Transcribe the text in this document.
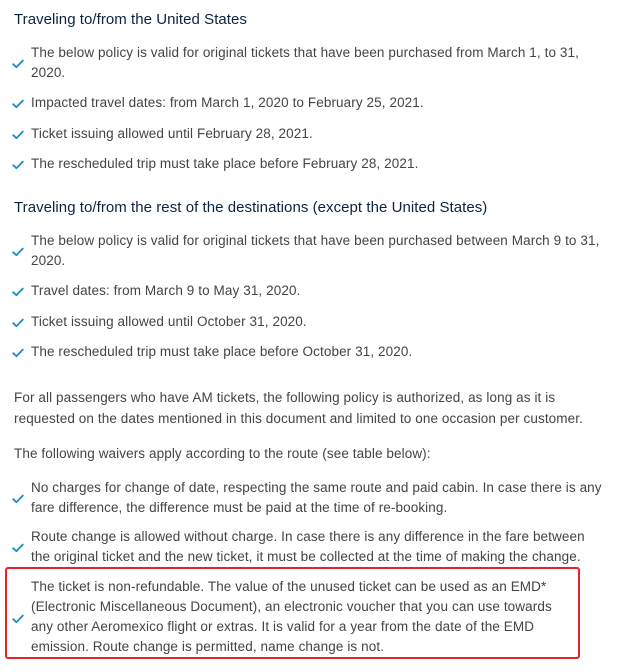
Traveling to/from the United States
The below policy is valid for original tickets that have been purchased from March 1, to 31, 2020.
Impacted travel dates: from March 1, 2020 to February 25, 2021.
Ticket issuing allowed until February 28, 2021.
The rescheduled trip must take place before February 28, 2021.
Traveling to/from the rest of the destinations (except the United States)
The below policy is valid for original tickets that have been purchased between March 9 to 31, 2020.
Travel dates: from March 9 to May 31, 2020.
Ticket issuing allowed until October 31, 2020.
The rescheduled trip must take place before October 31, 2020.

For all passengers who have AM tickets, the following policy is authorized, as long as it is requested on the dates mentioned in this document and limited to one occasion per customer.

The following waivers apply according to the route (see table below):

No charges for change of date, respecting the same route and paid cabin. In case there is any fare difference, the difference must be paid at the time of re-booking.
Route change is allowed without charge. In case there is any difference in the fare between the original ticket and the new ticket, it must be collected at the time of making the change.
The ticket is non-refundable. The value of the unused ticket can be used as an EMD* (Electronic Miscellaneous Document), an electronic voucher that you can use towards any other Aeromexico flight or extras. It is valid for a year from the date of the EMD emission. Route change is permitted, name change is not.
